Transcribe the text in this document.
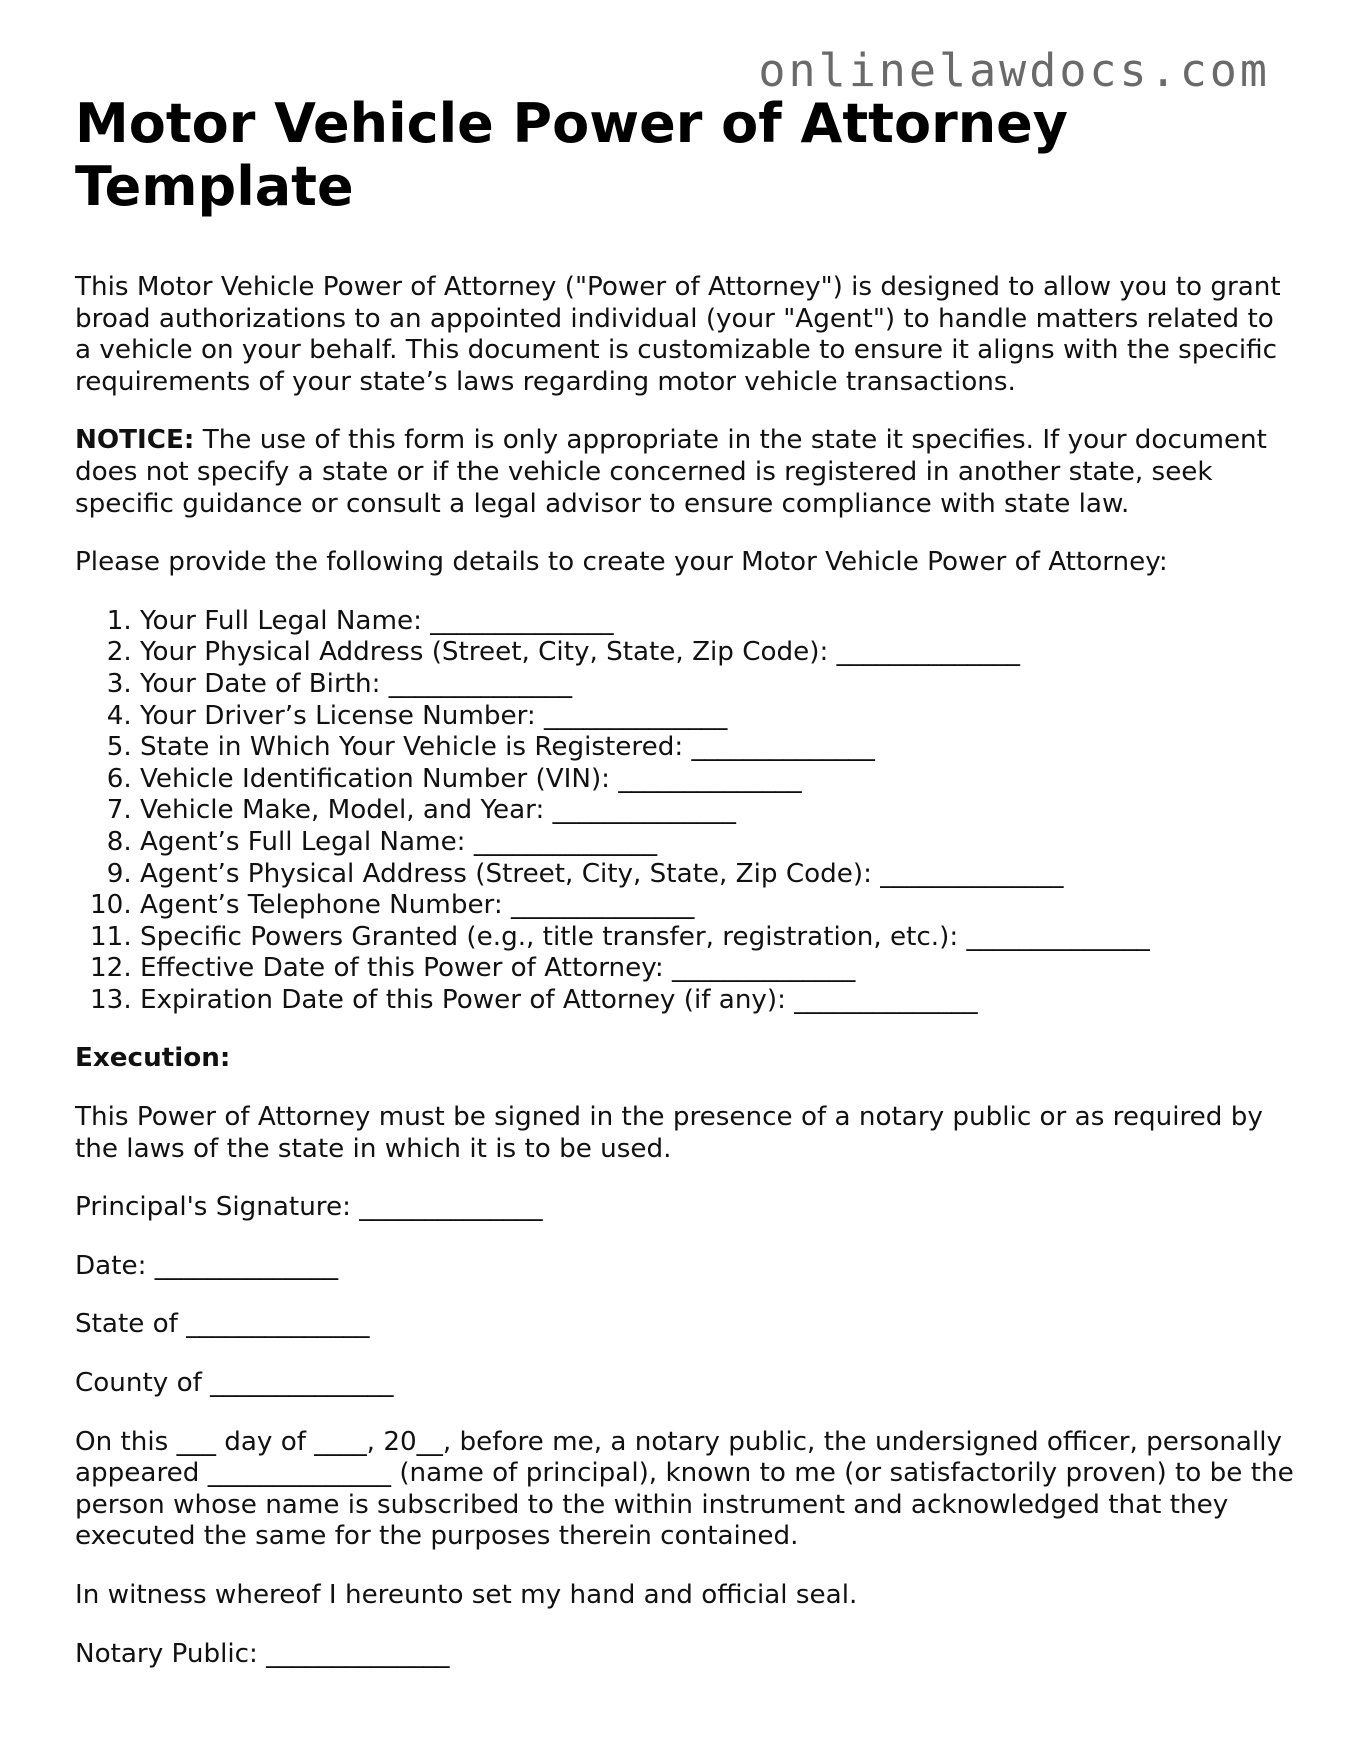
onlinelawdocs.com
Motor Vehicle Power of Attorney Template

This Motor Vehicle Power of Attorney ("Power of Attorney") is designed to allow you to grant broad authorizations to an appointed individual (your "Agent") to handle matters related to a vehicle on your behalf. This document is customizable to ensure it aligns with the specific requirements of your state’s laws regarding motor vehicle transactions.

NOTICE: The use of this form is only appropriate in the state it specifies. If your document does not specify a state or if the vehicle concerned is registered in another state, seek specific guidance or consult a legal advisor to ensure compliance with state law.

Please provide the following details to create your Motor Vehicle Power of Attorney:

1. Your Full Legal Name: ______________
2. Your Physical Address (Street, City, State, Zip Code): ______________
3. Your Date of Birth: ______________
4. Your Driver’s License Number: ______________
5. State in Which Your Vehicle is Registered: ______________
6. Vehicle Identification Number (VIN): ______________
7. Vehicle Make, Model, and Year: ______________
8. Agent’s Full Legal Name: ______________
9. Agent’s Physical Address (Street, City, State, Zip Code): ______________
10. Agent’s Telephone Number: ______________
11. Specific Powers Granted (e.g., title transfer, registration, etc.): ______________
12. Effective Date of this Power of Attorney: ______________
13. Expiration Date of this Power of Attorney (if any): ______________

Execution:

This Power of Attorney must be signed in the presence of a notary public or as required by the laws of the state in which it is to be used.

Principal's Signature: ______________

Date: ______________

State of ______________

County of ______________

On this ___ day of ____, 20__, before me, a notary public, the undersigned officer, personally appeared ______________ (name of principal), known to me (or satisfactorily proven) to be the person whose name is subscribed to the within instrument and acknowledged that they executed the same for the purposes therein contained.

In witness whereof I hereunto set my hand and official seal.

Notary Public: ______________
